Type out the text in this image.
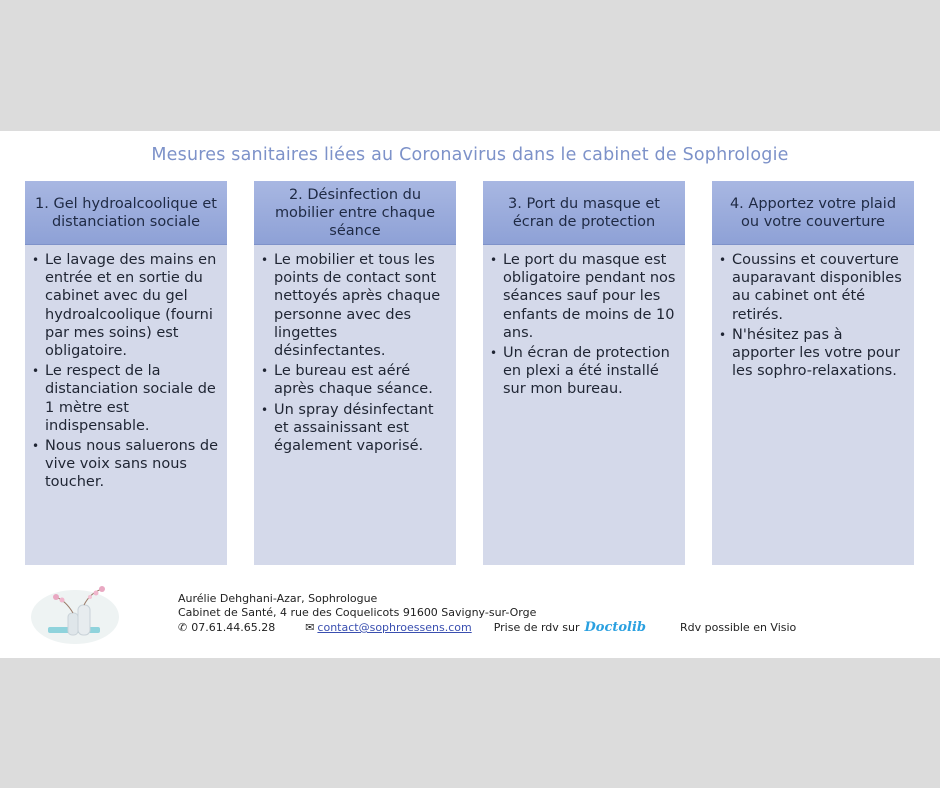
Mesures sanitaires liées au Coronavirus dans le cabinet de Sophrologie
1. Gel hydroalcoolique et distanciation sociale
• Le lavage des mains en entrée et en sortie du cabinet avec du gel hydroalcoolique (fourni par mes soins) est obligatoire.
• Le respect de la distanciation sociale de 1 mètre est indispensable.
• Nous nous saluerons de vive voix sans nous toucher.
2. Désinfection du mobilier entre chaque séance
• Le mobilier et tous les points de contact sont nettoyés après chaque personne avec des lingettes désinfectantes.
• Le bureau est aéré après chaque séance.
• Un spray désinfectant et assainissant est également vaporisé.
3. Port du masque et écran de protection
• Le port du masque est obligatoire pendant nos séances sauf pour les enfants de moins de 10 ans.
• Un écran de protection en plexi a été installé sur mon bureau.
4. Apportez votre plaid ou votre couverture
• Coussins et couverture auparavant disponibles au cabinet ont été retirés.
• N'hésitez pas à apporter les votre pour les sophro-relaxations.
Aurélie Dehghani-Azar, Sophrologue
Cabinet de Santé, 4 rue des Coquelicots 91600 Savigny-sur-Orge
✆ 07.61.44.65.28	✉ contact@sophroessens.com Prise de rdv sur Doctolib	Rdv possible en Visio
